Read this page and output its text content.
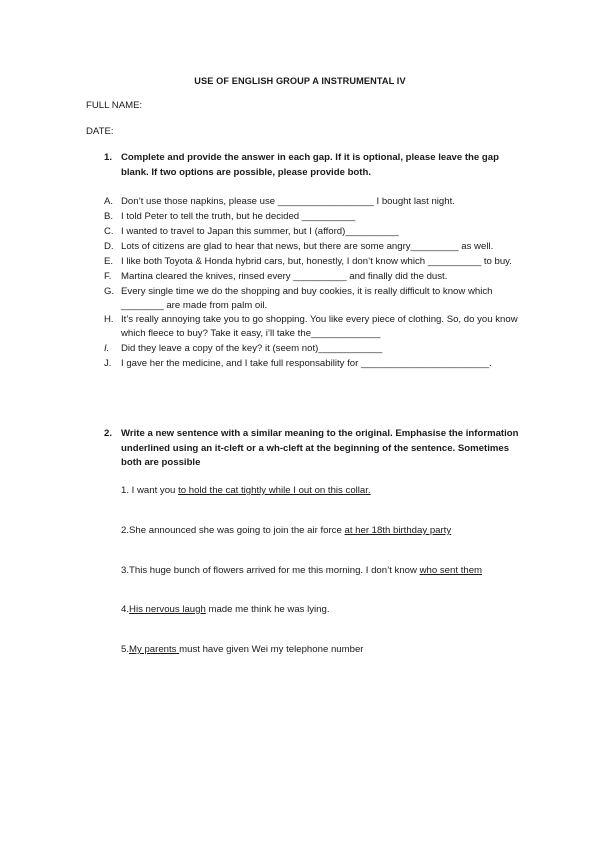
USE OF ENGLISH GROUP A INSTRUMENTAL IV
FULL NAME:
DATE:
1. Complete and provide the answer in each gap. If it is optional, please leave the gap blank. If two options are possible, please provide both.
A. Don’t use those napkins, please use __________________ I bought last night.
B. I told Peter to tell the truth, but he decided __________
C. I wanted to travel to Japan this summer, but I (afford)__________
D. Lots of citizens are glad to hear that news, but there are some angry_________ as well.
E. I like both Toyota & Honda hybrid cars, but, honestly, I don’t know which __________ to buy.
F. Martina cleared the knives, rinsed every __________ and finally did the dust.
G. Every single time we do the shopping and buy cookies, it is really difficult to know which ________ are made from palm oil.
H. It’s really annoying take you to go shopping. You like every piece of clothing. So, do you know which fleece to buy? Take it easy, i’ll take the_____________
I. Did they leave a copy of the key? it (seem not)____________
J. I gave her the medicine, and I take full responsability for ________________________.
2. Write a new sentence with a similar meaning to the original. Emphasise the information underlined using an it-cleft or a wh-cleft at the beginning of the sentence. Sometimes both are possible
1. I want you to hold the cat tightly while I out on this collar.
2.She announced she was going to join the air force at her 18th birthday party
3.This huge bunch of flowers arrived for me this morning. I don’t know who sent them
4.His nervous laugh made me think he was lying.
5.My parents must have given Wei my telephone number
